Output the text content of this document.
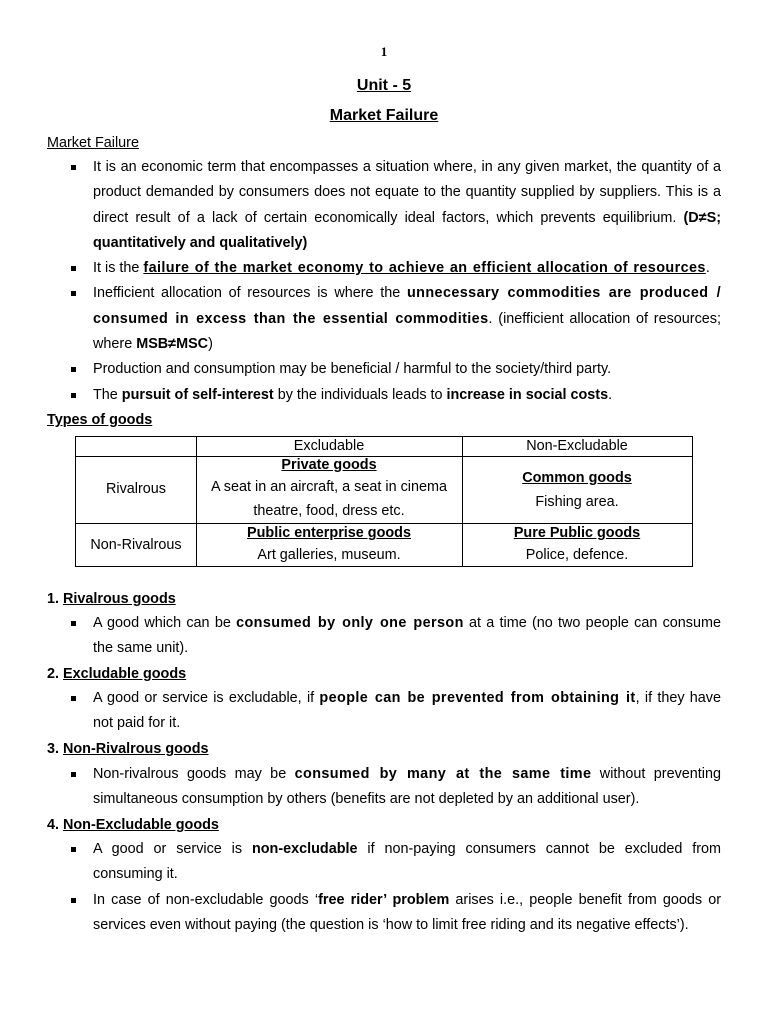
1
Unit - 5
Market Failure
Market Failure
It is an economic term that encompasses a situation where, in any given market, the quantity of a product demanded by consumers does not equate to the quantity supplied by suppliers. This is a direct result of a lack of certain economically ideal factors, which prevents equilibrium. (D≠S; quantitatively and qualitatively)
It is the failure of the market economy to achieve an efficient allocation of resources.
Inefficient allocation of resources is where the unnecessary commodities are produced / consumed in excess than the essential commodities. (inefficient allocation of resources; where MSB≠MSC)
Production and consumption may be beneficial / harmful to the society/third party.
The pursuit of self-interest by the individuals leads to increase in social costs.
Types of goods
Excludable	Non-Excludable
Rivalrous
Non-Rivalrous
Private goods
A seat in an aircraft, a seat in cinema theatre, food, dress etc.
Common goods
Fishing area.
Public enterprise goods
Art galleries, museum.
Pure Public goods
Police, defence.
1. Rivalrous goods
A good which can be consumed by only one person at a time (no two people can consume the same unit).
2. Excludable goods
A good or service is excludable, if people can be prevented from obtaining it, if they have not paid for it.
3. Non-Rivalrous goods
Non-rivalrous goods may be consumed by many at the same time without preventing simultaneous consumption by others (benefits are not depleted by an additional user).
4. Non-Excludable goods
A good or service is non-excludable if non-paying consumers cannot be excluded from consuming it.
In case of non-excludable goods ‘free rider’ problem arises i.e., people benefit from goods or services even without paying (the question is ‘how to limit free riding and its negative effects’).
